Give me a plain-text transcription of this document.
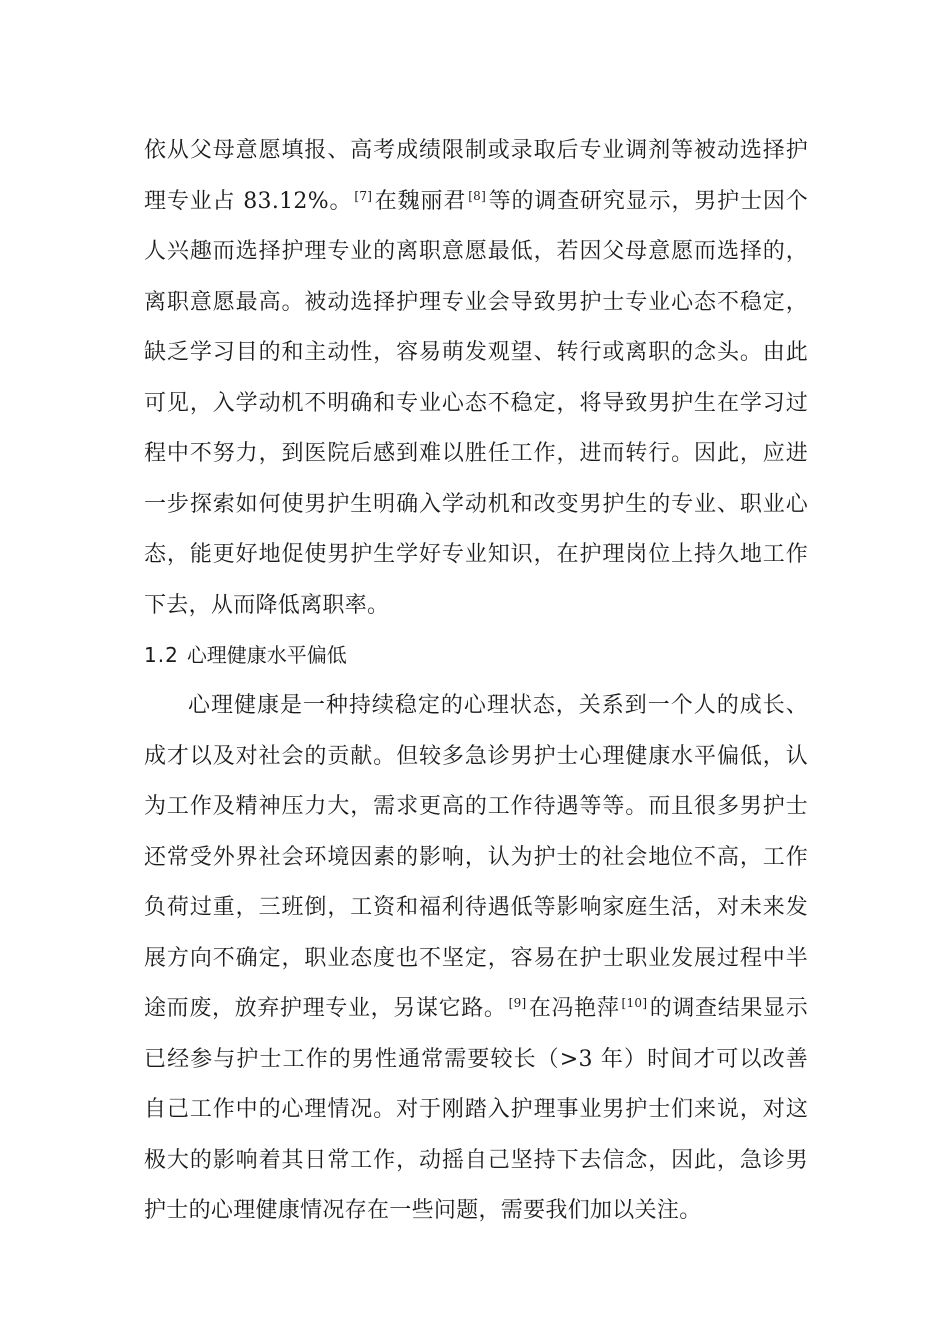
依从父母意愿填报、高考成绩限制或录取后专业调剂等被动选择护理专业占 83.12%。 [7]在魏丽君 [8]等的调查研究显示，男护士因个人兴趣而选择护理专业的离职意愿最低，若因父母意愿而选择的，离职意愿最高。被动选择护理专业会导致男护士专业心态不稳定，缺乏学习目的和主动性，容易萌发观望、转行或离职的念头。由此可见，入学动机不明确和专业心态不稳定，将导致男护生在学习过程中不努力，到医院后感到难以胜任工作，进而转行。因此，应进一步探索如何使男护生明确入学动机和改变男护生的专业、职业心态，能更好地促使男护生学好专业知识，在护理岗位上持久地工作下去，从而降低离职率。

1.2 心理健康水平偏低

心理健康是一种持续稳定的心理状态，关系到一个人的成长、成才以及对社会的贡献。但较多急诊男护士心理健康水平偏低，认为工作及精神压力大，需求更高的工作待遇等等。而且很多男护士还常受外界社会环境因素的影响，认为护士的社会地位不高，工作负荷过重，三班倒，工资和福利待遇低等影响家庭生活，对未来发展方向不确定，职业态度也不坚定，容易在护士职业发展过程中半途而废，放弃护理专业，另谋它路。 [9]在冯艳萍 [10]的调查结果显示已经参与护士工作的男性通常需要较长（>3 年）时间才可以改善自己工作中的心理情况。对于刚踏入护理事业男护士们来说，对这极大的影响着其日常工作，动摇自己坚持下去信念，因此，急诊男护士的心理健康情况存在一些问题，需要我们加以关注。
